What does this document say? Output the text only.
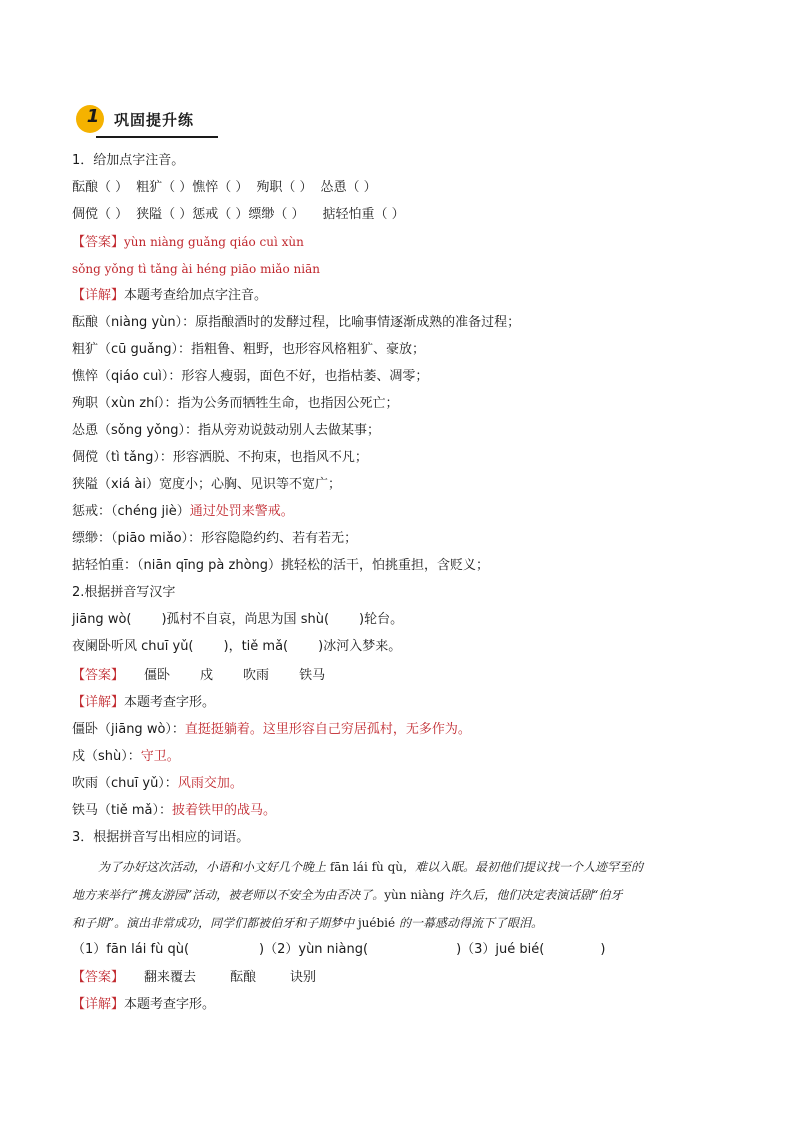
1 巩固提升练
1．给加点字注音。
酝酿（ ） 粗犷（ ）憔悴（ ） 殉职（ ） 怂恿（ ）
倜傥（ ） 狭隘（ ）惩戒（ ）缥缈（ ） 掂轻怕重（ ）
【答案】yùn niàng guǎng qiáo cuì xùn
sǒng yǒng tì tǎng ài héng piāo miǎo niān
【详解】本题考查给加点字注音。
酝酿（niàng yùn）：原指酿酒时的发酵过程，比喻事情逐渐成熟的准备过程；
粗犷（cū guǎng）：指粗鲁、粗野，也形容风格粗犷、豪放；
憔悴（qiáo cuì）：形容人瘦弱，面色不好，也指枯萎、凋零；
殉职（xùn zhí）：指为公务而牺牲生命，也指因公死亡；
怂恿（sǒng yǒng）：指从旁劝说鼓动别人去做某事；
倜傥（tì tǎng）：形容洒脱、不拘束，也指风不凡；
狭隘（xiá ài）宽度小；心胸、见识等不宽广；
惩戒：（chéng jiè）通过处罚来警戒。
缥缈：（piāo miǎo）：形容隐隐约约、若有若无；
掂轻怕重：（niān qīng pà zhòng）挑轻松的活干，怕挑重担，含贬义；
2.根据拼音写汉字
jiāng wò( )孤村不自哀，尚思为国 shù( )轮台。
夜阑卧听风 chuī yǔ( )，tiě mǎ( )冰河入梦来。
【答案】 僵卧 戍 吹雨 铁马
【详解】本题考查字形。
僵卧（jiāng wò）：直挺挺躺着。这里形容自己穷居孤村，无多作为。
戍（shù）：守卫。
吹雨（chuī yǔ）：风雨交加。
铁马（tiě mǎ）：披着铁甲的战马。
3．根据拼音写出相应的词语。
为了办好这次活动，小语和小文好几个晚上 fān lái fù qù，难以入眠。最初他们提议找一个人迹罕至的
地方来举行“携友游园”活动，被老师以不安全为由否决了。yùn niàng 许久后，他们决定表演话剧“伯牙
和子期”。演出非常成功，同学们都被伯牙和子期梦中 juébié 的一幕感动得流下了眼泪。
（1）fān lái fù qù(	)（2）yùn niàng(	)（3）jué bié(	)
【答案】 翻来覆去	酝酿	诀别
【详解】本题考查字形。
